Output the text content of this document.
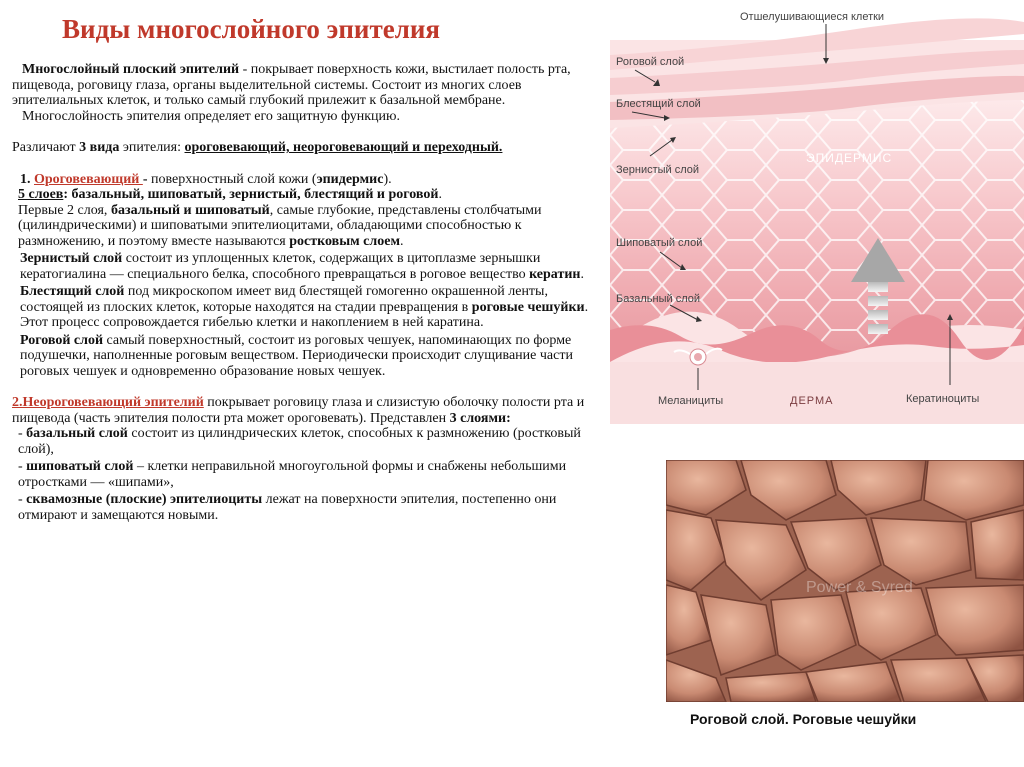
Виды многослойного эпителия

Многослойный плоский эпителий - покрывает поверхность кожи, выстилает полость рта, пищевода, роговицу глаза, органы выделительной системы. Состоит из многих слоев эпителиальных клеток, и только самый глубокий прилежит к базальной мембране.

Многослойность эпителия определяет его защитную функцию.

Различают 3 вида эпителия: ороговевающий, неороговевающий и переходный.

1. Ороговевающий - поверхностный слой кожи (эпидермис).

5 слоев: базальный, шиповатый, зернистый, блестящий и роговой.

Первые 2 слоя, базальный и шиповатый, самые глубокие, представлены столбчатыми (цилиндрическими) и шиповатыми эпителиоцитами, обладающими способностью к размножению, и поэтому вместе называются ростковым слоем.

Зернистый слой состоит из уплощенных клеток, содержащих в цитоплазме зернышки кератогиалина — специального белка, способного превращаться в роговое вещество кератин.

Блестящий слой под микроскопом имеет вид блестящей гомогенно окрашенной ленты, состоящей из плоских клеток, которые находятся на стадии превращения в роговые чешуйки. Этот процесс сопровождается гибелью клетки и накоплением в ней каратина.

Роговой слой самый поверхностный, состоит из роговых чешуек, напоминающих по форме подушечки, наполненные роговым веществом. Периодически происходит слущивание части роговых чешуек и одновременно образование новых чешуек.

2.Неороговевающий эпителий покрывает роговицу глаза и слизистую оболочку полости рта и пищевода (часть эпителия полости рта может ороговевать). Представлен 3 слоями:

- базальный слой состоит из цилиндрических клеток, способных к размножению (ростковый слой),

- шиповатый слой – клетки неправильной многоугольной формы и снабжены небольшими отростками — «шипами»,

- сквамозные (плоские) эпителиоциты лежат на поверхности эпителия, постепенно они отмирают и замещаются новыми.

Отшелушивающиеся клетки
Роговой слой
Блестящий слой
Зернистый слой
Шиповатый слой
Базальный слой
ЭПИДЕРМИС
Меланициты	ДЕРМА	Кератиноциты
Power & Syred
Роговой слой. Роговые чешуйки
